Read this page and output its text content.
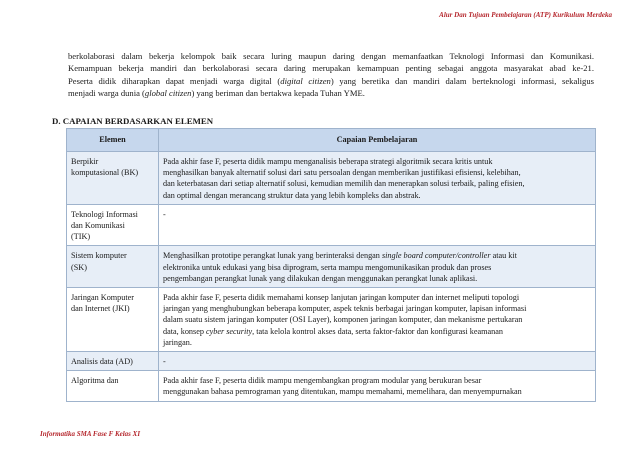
Alur Dan Tujuan Pembelajaran (ATP) Kurikulum Merdeka
berkolaborasi dalam bekerja kelompok baik secara luring maupun daring dengan memanfaatkan Teknologi Informasi dan Komunikasi.
Kemampuan bekerja mandiri dan berkolaborasi secara daring merupakan kemampuan penting sebagai anggota masyarakat abad ke-21.
Peserta didik diharapkan dapat menjadi warga digital (digital citizen) yang beretika dan mandiri dalam berteknologi informasi, sekaligus
menjadi warga dunia (global citizen) yang beriman dan bertakwa kepada Tuhan YME.
D. CAPAIAN BERDASARKAN ELEMEN
Elemen	Capaian Pembelajaran

Berpikir
komputasional (BK)	Pada akhir fase F, peserta didik mampu menganalisis beberapa strategi algoritmik secara kritis untuk
menghasilkan banyak alternatif solusi dari satu persoalan dengan memberikan justifikasi efisiensi, kelebihan,
dan keterbatasan dari setiap alternatif solusi, kemudian memilih dan menerapkan solusi terbaik, paling efisien,
dan optimal dengan merancang struktur data yang lebih kompleks dan abstrak.

Teknologi Informasi
dan Komunikasi
(TIK)	-

Sistem komputer
(SK)	Menghasilkan prototipe perangkat lunak yang berinteraksi dengan single board computer/controller atau kit
elektronika untuk edukasi yang bisa diprogram, serta mampu mengomunikasikan produk dan proses
pengembangan perangkat lunak yang dilakukan dengan menggunakan perangkat lunak aplikasi.

Jaringan Komputer
dan Internet (JKI)	Pada akhir fase F, peserta didik memahami konsep lanjutan jaringan komputer dan internet meliputi topologi
jaringan yang menghubungkan beberapa komputer, aspek teknis berbagai jaringan komputer, lapisan informasi
dalam suatu sistem jaringan komputer (OSI Layer), komponen jaringan komputer, dan mekanisme pertukaran
data, konsep cyber security, tata kelola kontrol akses data, serta faktor-faktor dan konfigurasi keamanan
jaringan.

Analisis data (AD)	-

Algoritma dan	Pada akhir fase F, peserta didik mampu mengembangkan program modular yang berukuran besar
menggunakan bahasa pemrograman yang ditentukan, mampu memahami, memelihara, dan menyempurnakan
Informatika SMA Fase F Kelas XI
